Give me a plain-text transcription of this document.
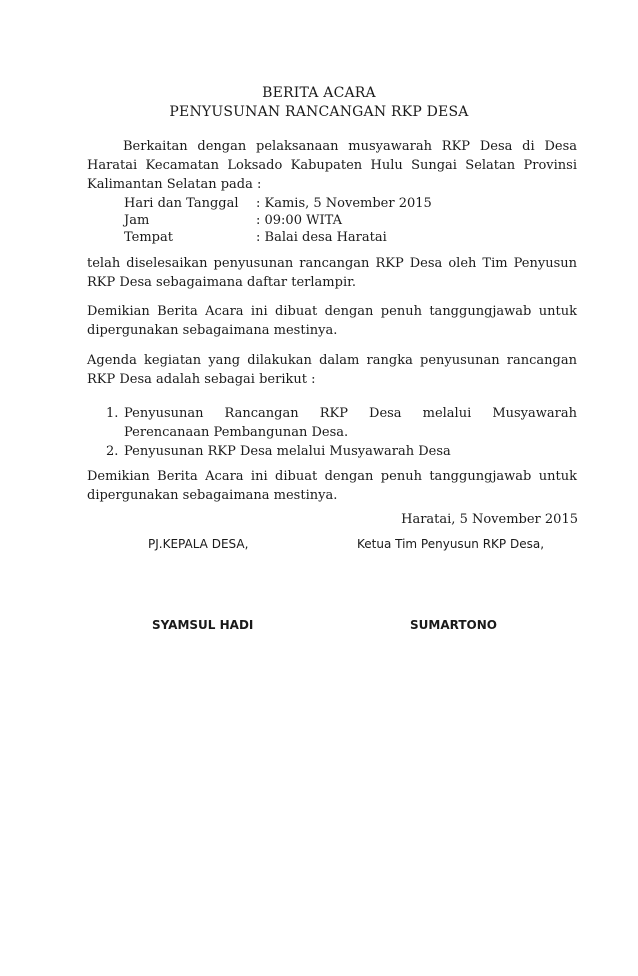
BERITA ACARA
PENYUSUNAN RANCANGAN RKP DESA
Berkaitan dengan pelaksanaan musyawarah RKP Desa di Desa Haratai Kecamatan Loksado Kabupaten Hulu Sungai Selatan Provinsi Kalimantan Selatan pada :
Hari dan Tanggal : Kamis, 5 November 2015
Jam	: 09:00 WITA
Tempat	: Balai desa Haratai
telah diselesaikan penyusunan rancangan RKP Desa oleh Tim Penyusun RKP Desa sebagaimana daftar terlampir.
Demikian Berita Acara ini dibuat dengan penuh tanggungjawab untuk dipergunakan sebagaimana mestinya.
Agenda kegiatan yang dilakukan dalam rangka penyusunan rancangan RKP Desa adalah sebagai berikut :
1. Penyusunan Rancangan RKP Desa melalui Musyawarah Perencanaan Pembangunan Desa.
2. Penyusunan RKP Desa melalui Musyawarah Desa
Demikian Berita Acara ini dibuat dengan penuh tanggungjawab untuk dipergunakan sebagaimana mestinya.
Haratai, 5 November 2015
PJ.KEPALA DESA,	Ketua Tim Penyusun RKP Desa,
SYAMSUL HADI	SUMARTONO
